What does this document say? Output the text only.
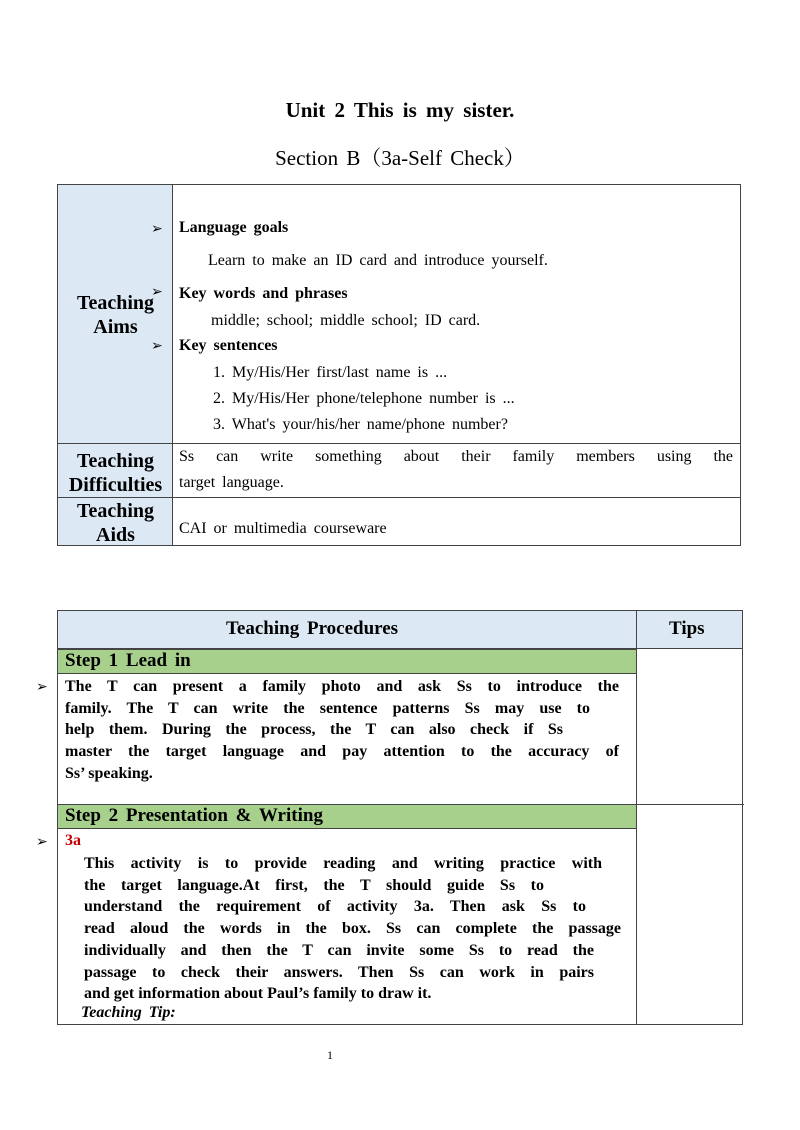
Unit 2 This is my sister.
Section B（3a-Self Check）
Teaching
Aims
➢ Language goals
Learn to make an ID card and introduce yourself.
➢ Key words and phrases
middle; school; middle school; ID card.
➢ Key sentences
1. My/His/Her first/last name is ...
2. My/His/Her phone/telephone number is ...
3. What's your/his/her name/phone number?
Teaching
Difficulties
Ss can write something about their family members using the
target language.
Teaching
Aids	CAI or multimedia courseware
Teaching Procedures	Tips
Step 1 Lead in
The T can present a family photo and ask Ss to introduce the
family. The T can write the sentence patterns Ss may use to
help them. During the process, the T can also check if Ss
master the target language and pay attention to the accuracy of
Ss’ speaking.
Step 2 Presentation & Writing
3a
This activity is to provide reading and writing practice with
the target language.At first, the T should guide Ss to
understand the requirement of activity 3a. Then ask Ss to
read aloud the words in the box. Ss can complete the passage
individually and then the T can invite some Ss to read the
passage to check their answers. Then Ss can work in pairs
and get information about Paul’s family to draw it.
Teaching Tip:
➢
➢
1
